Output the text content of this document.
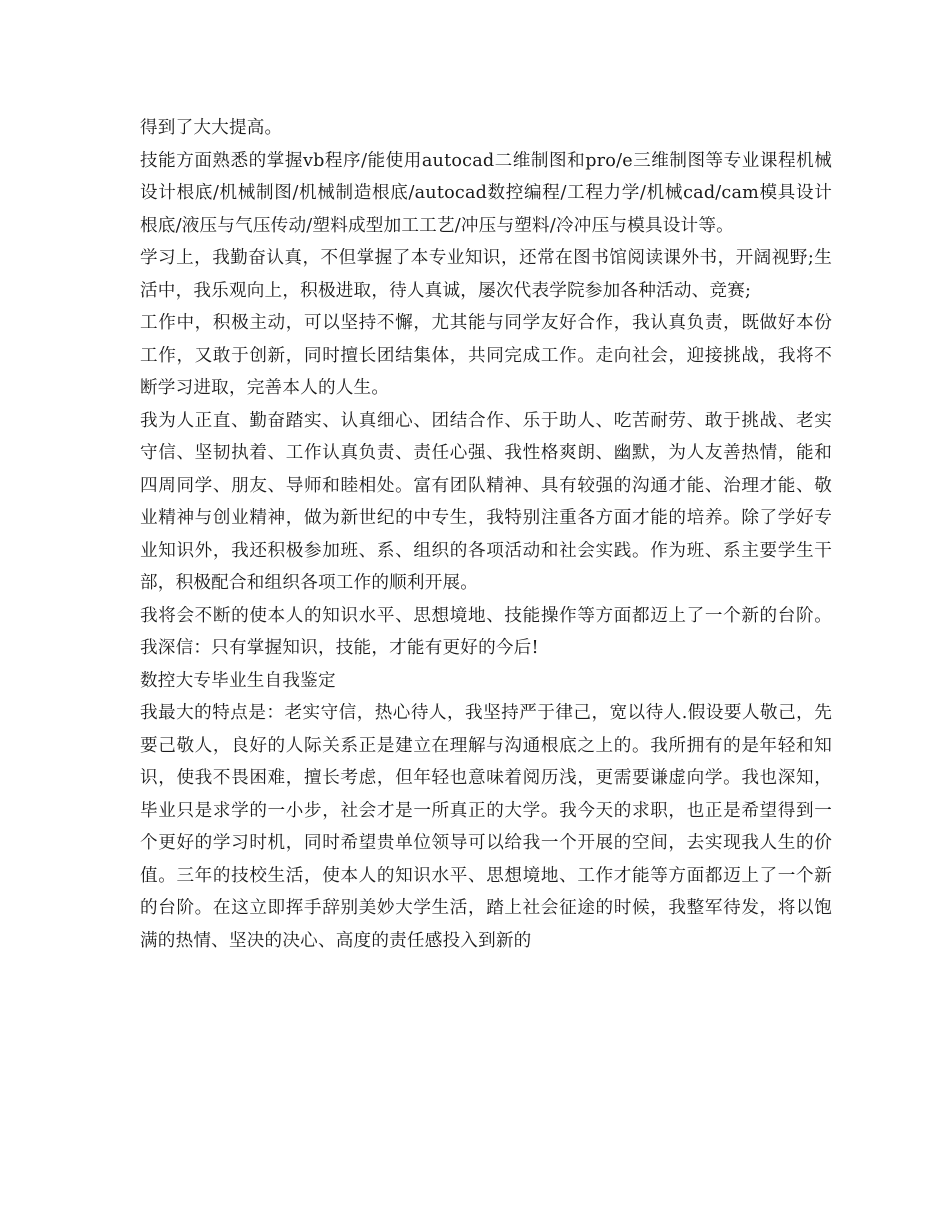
得到了大大提高。

技能方面熟悉的掌握vb程序/能使用autocad二维制图和pro/e三维制图等专业课程机械设计根底/机械制图/机械制造根底/autocad数控编程/工程力学/机械cad/cam模具设计根底/液压与气压传动/塑料成型加工工艺/冲压与塑料/冷冲压与模具设计等。

学习上，我勤奋认真，不但掌握了本专业知识，还常在图书馆阅读课外书，开阔视野;生活中，我乐观向上，积极进取，待人真诚，屡次代表学院参加各种活动、竞赛;

工作中，积极主动，可以坚持不懈，尤其能与同学友好合作，我认真负责，既做好本份工作，又敢于创新，同时擅长团结集体，共同完成工作。走向社会，迎接挑战，我将不断学习进取，完善本人的人生。

我为人正直、勤奋踏实、认真细心、团结合作、乐于助人、吃苦耐劳、敢于挑战、老实守信、坚韧执着、工作认真负责、责任心强、我性格爽朗、幽默，为人友善热情，能和四周同学、朋友、导师和睦相处。富有团队精神、具有较强的沟通才能、治理才能、敬业精神与创业精神，做为新世纪的中专生，我特别注重各方面才能的培养。除了学好专业知识外，我还积极参加班、系、组织的各项活动和社会实践。作为班、系主要学生干部，积极配合和组织各项工作的顺利开展。

我将会不断的使本人的知识水平、思想境地、技能操作等方面都迈上了一个新的台阶。我深信：只有掌握知识，技能，才能有更好的今后!

数控大专毕业生自我鉴定

我最大的特点是：老实守信，热心待人，我坚持严于律己，宽以待人.假设要人敬己，先要己敬人，良好的人际关系正是建立在理解与沟通根底之上的。我所拥有的是年轻和知识，使我不畏困难，擅长考虑，但年轻也意味着阅历浅，更需要谦虚向学。我也深知，毕业只是求学的一小步，社会才是一所真正的大学。我今天的求职，也正是希望得到一个更好的学习时机，同时希望贵单位领导可以给我一个开展的空间，去实现我人生的价值。三年的技校生活，使本人的知识水平、思想境地、工作才能等方面都迈上了一个新的台阶。在这立即挥手辞别美妙大学生活，踏上社会征途的时候，我整军待发，将以饱满的热情、坚决的决心、高度的责任感投入到新的
